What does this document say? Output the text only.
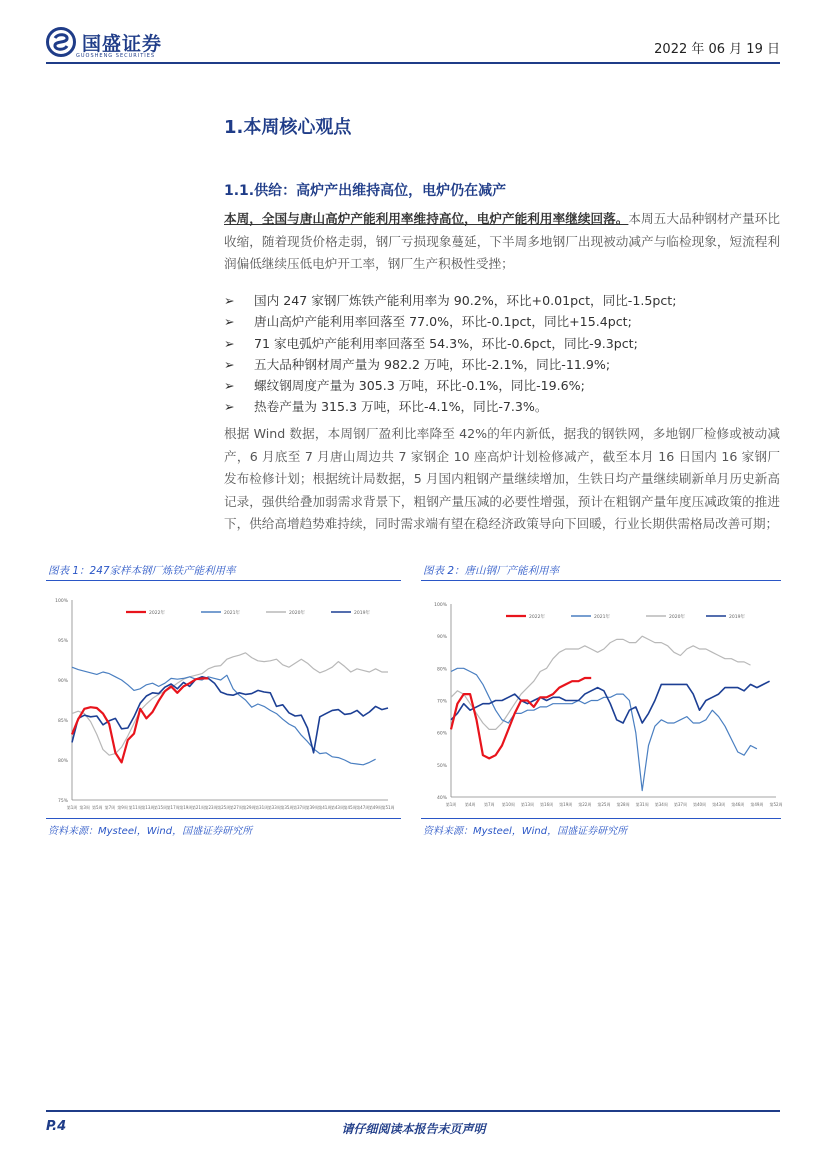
国盛证券
GUOSHENG SECURITIES	2022 年 06 月 19 日
1.本周核心观点
1.1.供给：高炉产出维持高位，电炉仍在减产
本周，全国与唐山高炉产能利用率维持高位，电炉产能利用率继续回落。本周五大品种钢材产量环比收缩，随着现货价格走弱，钢厂亏损现象蔓延，下半周多地钢厂出现被动减产与临检现象，短流程利润偏低继续压低电炉开工率，钢厂生产积极性受挫；
➢	国内 247 家钢厂炼铁产能利用率为 90.2%，环比+0.01pct，同比-1.5pct;
➢	唐山高炉产能利用率回落至 77.0%，环比-0.1pct，同比+15.4pct;
➢	71 家电弧炉产能利用率回落至 54.3%，环比-0.6pct，同比-9.3pct;
➢	五大品种钢材周产量为 982.2 万吨，环比-2.1%，同比-11.9%;
➢	螺纹钢周度产量为 305.3 万吨，环比-0.1%，同比-19.6%;
➢	热卷产量为 315.3 万吨，环比-4.1%，同比-7.3%。
根据 Wind 数据，本周钢厂盈利比率降至 42%的年内新低，据我的钢铁网，多地钢厂检修或被动减产，6 月底至 7 月唐山周边共 7 家钢企 10 座高炉计划检修减产，截至本月 16 日国内 16 家钢厂发布检修计划；根据统计局数据，5 月国内粗钢产量继续增加，生铁日均产量继续刷新单月历史新高记录，强供给叠加弱需求背景下，粗钢产量压减的必要性增强，预计在粗钢产量年度压减政策的推进下，供给高增趋势难持续，同时需求端有望在稳经济政策导向下回暖，行业长期供需格局改善可期；
图表 1：247家样本钢厂炼铁产能利用率
75%
80%
85%
90%
95%
100%
第1周 第3周 第5周 第7周 第9周 第11周 第13周 第15周 第17周 第19周 第21周 第23周 第25周 第27周 第29周 第31周 第33周 第35周 第37周 第39周 第41周 第43周 第45周 第47周 第49周 第51周
2022年	2021年	2020年	2019年
资料来源：Mysteel，Wind，国盛证券研究所
图表 2：唐山钢厂产能利用率
40%
50%
60%
70%
80%
90%
100%
第1周 第4周 第7周 第10周 第13周 第16周 第19周 第22周 第25周 第28周 第31周 第34周 第37周 第40周 第43周 第46周 第49周 第52周
2022年	2021年	2020年	2019年
资料来源：Mysteel，Wind，国盛证券研究所
P.4	请仔细阅读本报告末页声明
